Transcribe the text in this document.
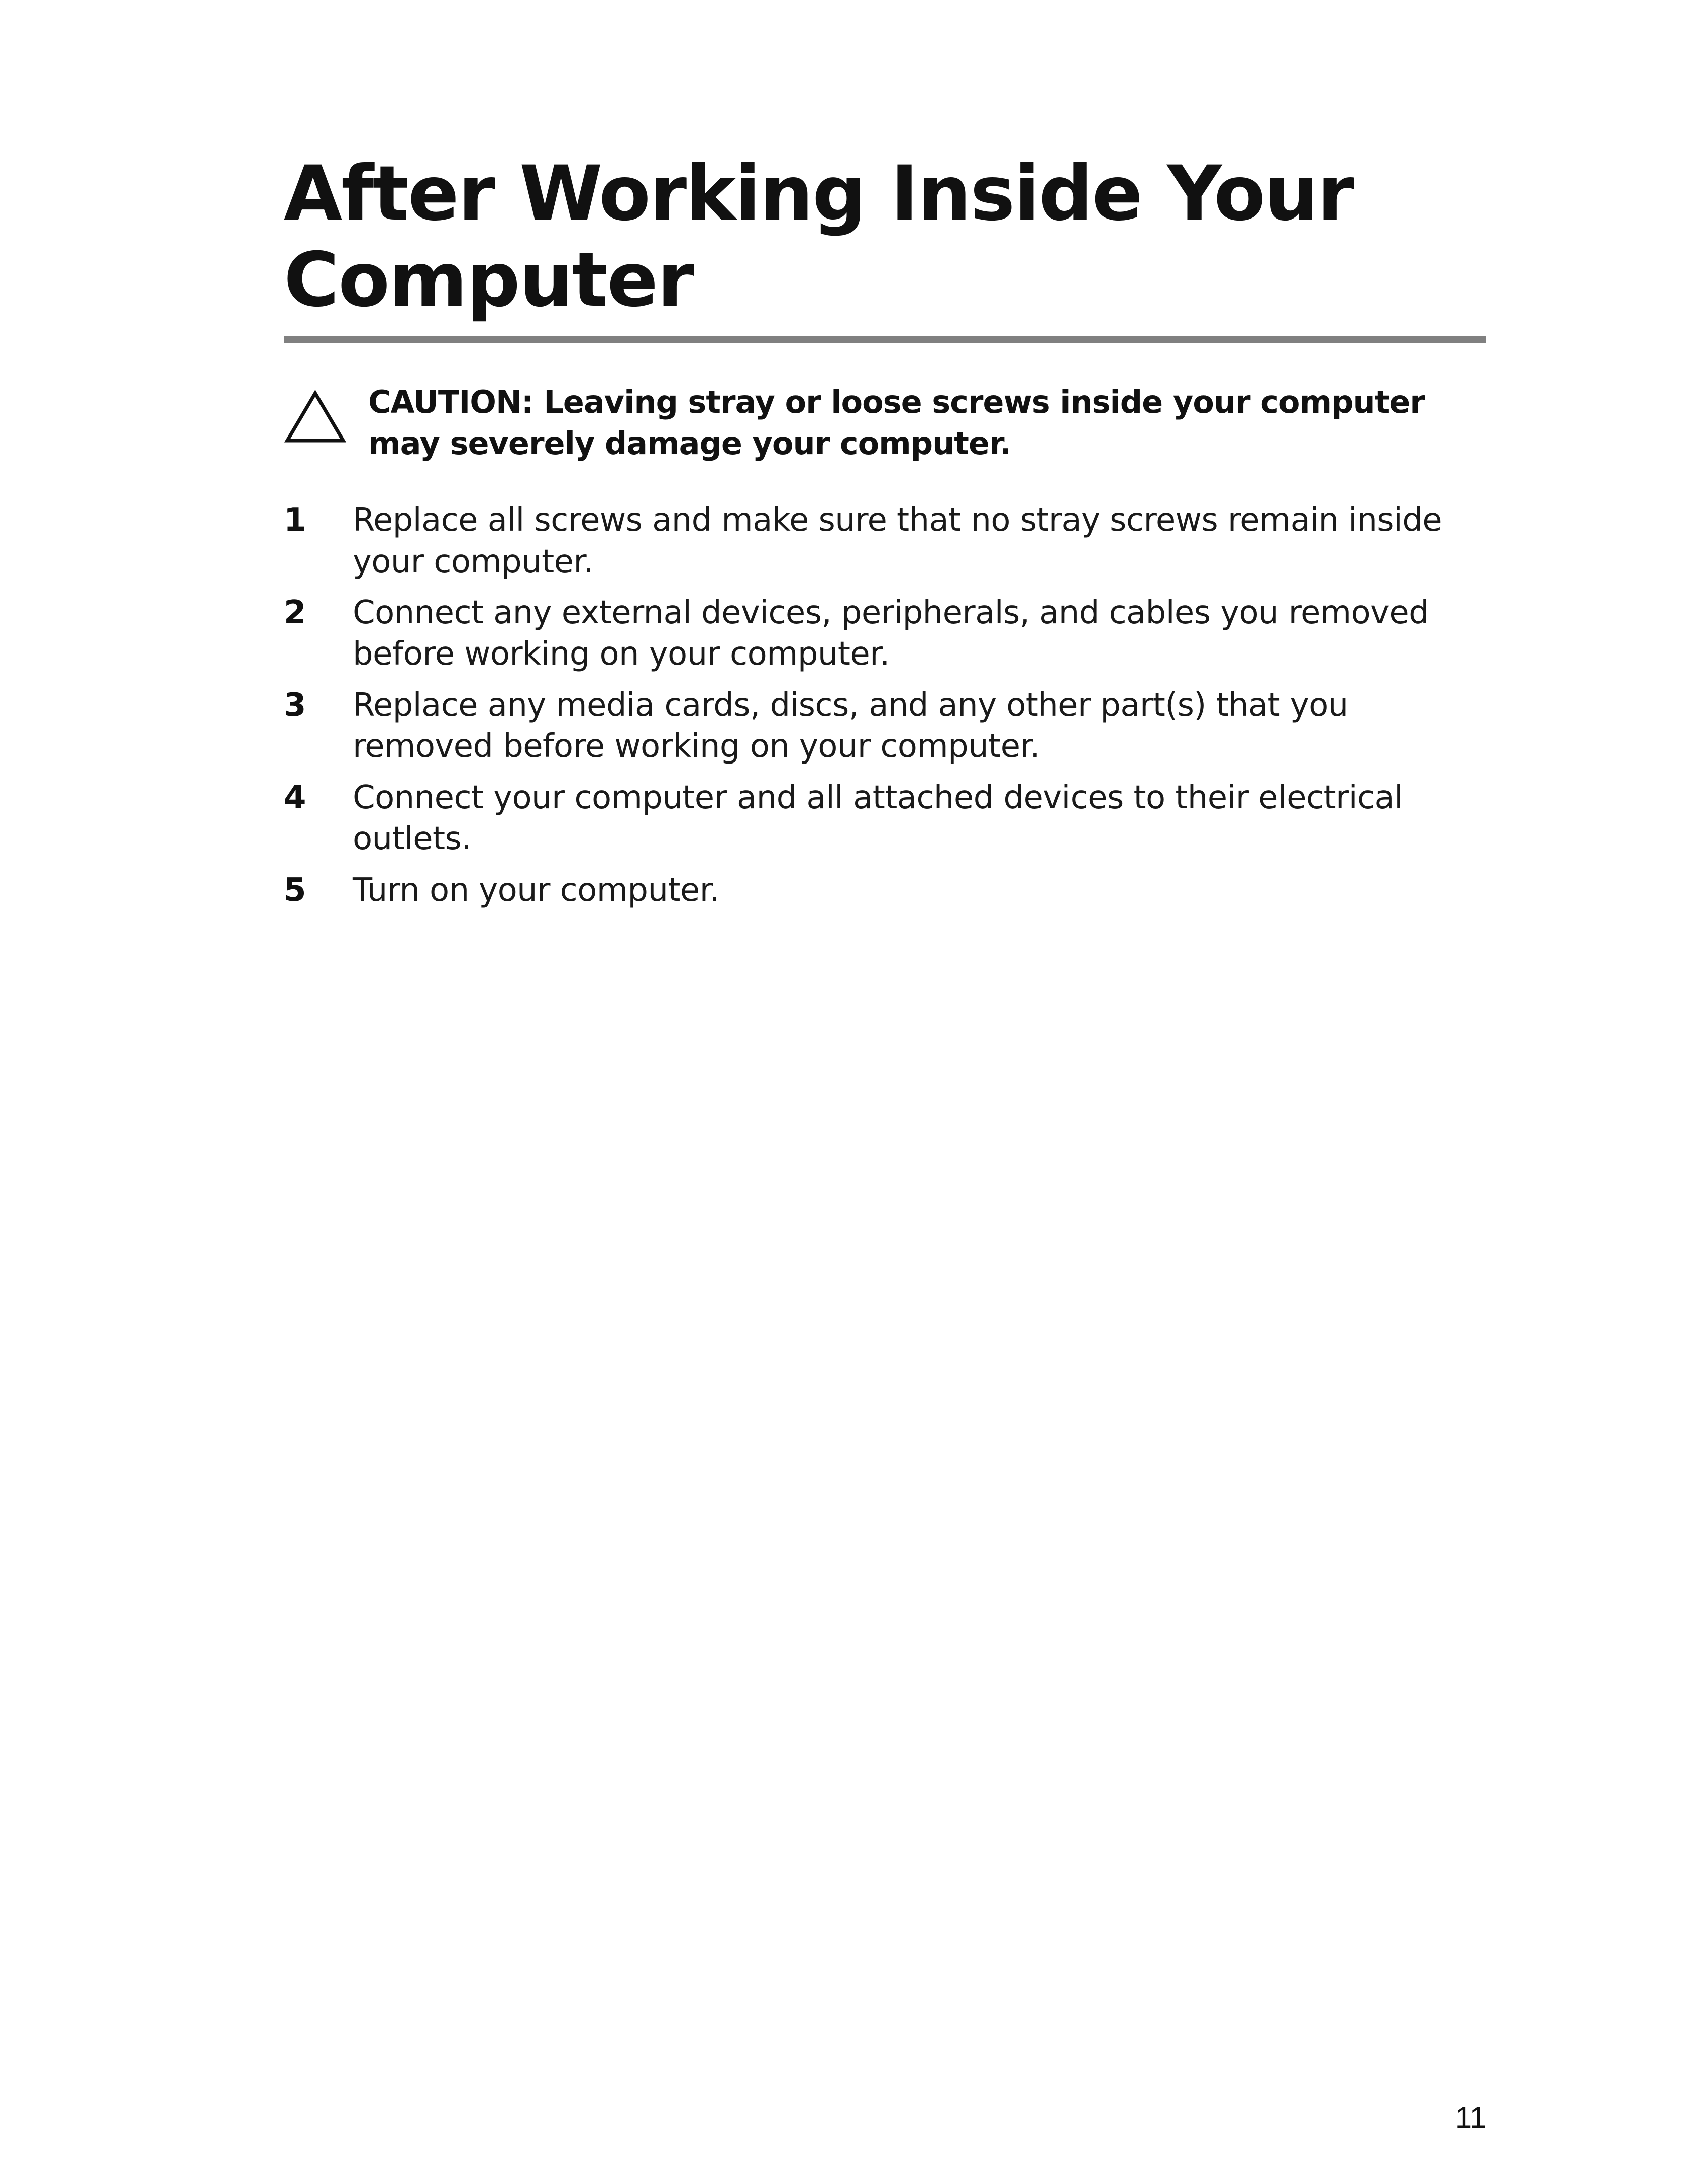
After Working Inside Your Computer
CAUTION: Leaving stray or loose screws inside your computer may severely damage your computer.
1 Replace all screws and make sure that no stray screws remain inside your computer.
2 Connect any external devices, peripherals, and cables you removed before working on your computer.
3 Replace any media cards, discs, and any other part(s) that you removed before working on your computer.
4 Connect your computer and all attached devices to their electrical outlets.
5 Turn on your computer.
11
